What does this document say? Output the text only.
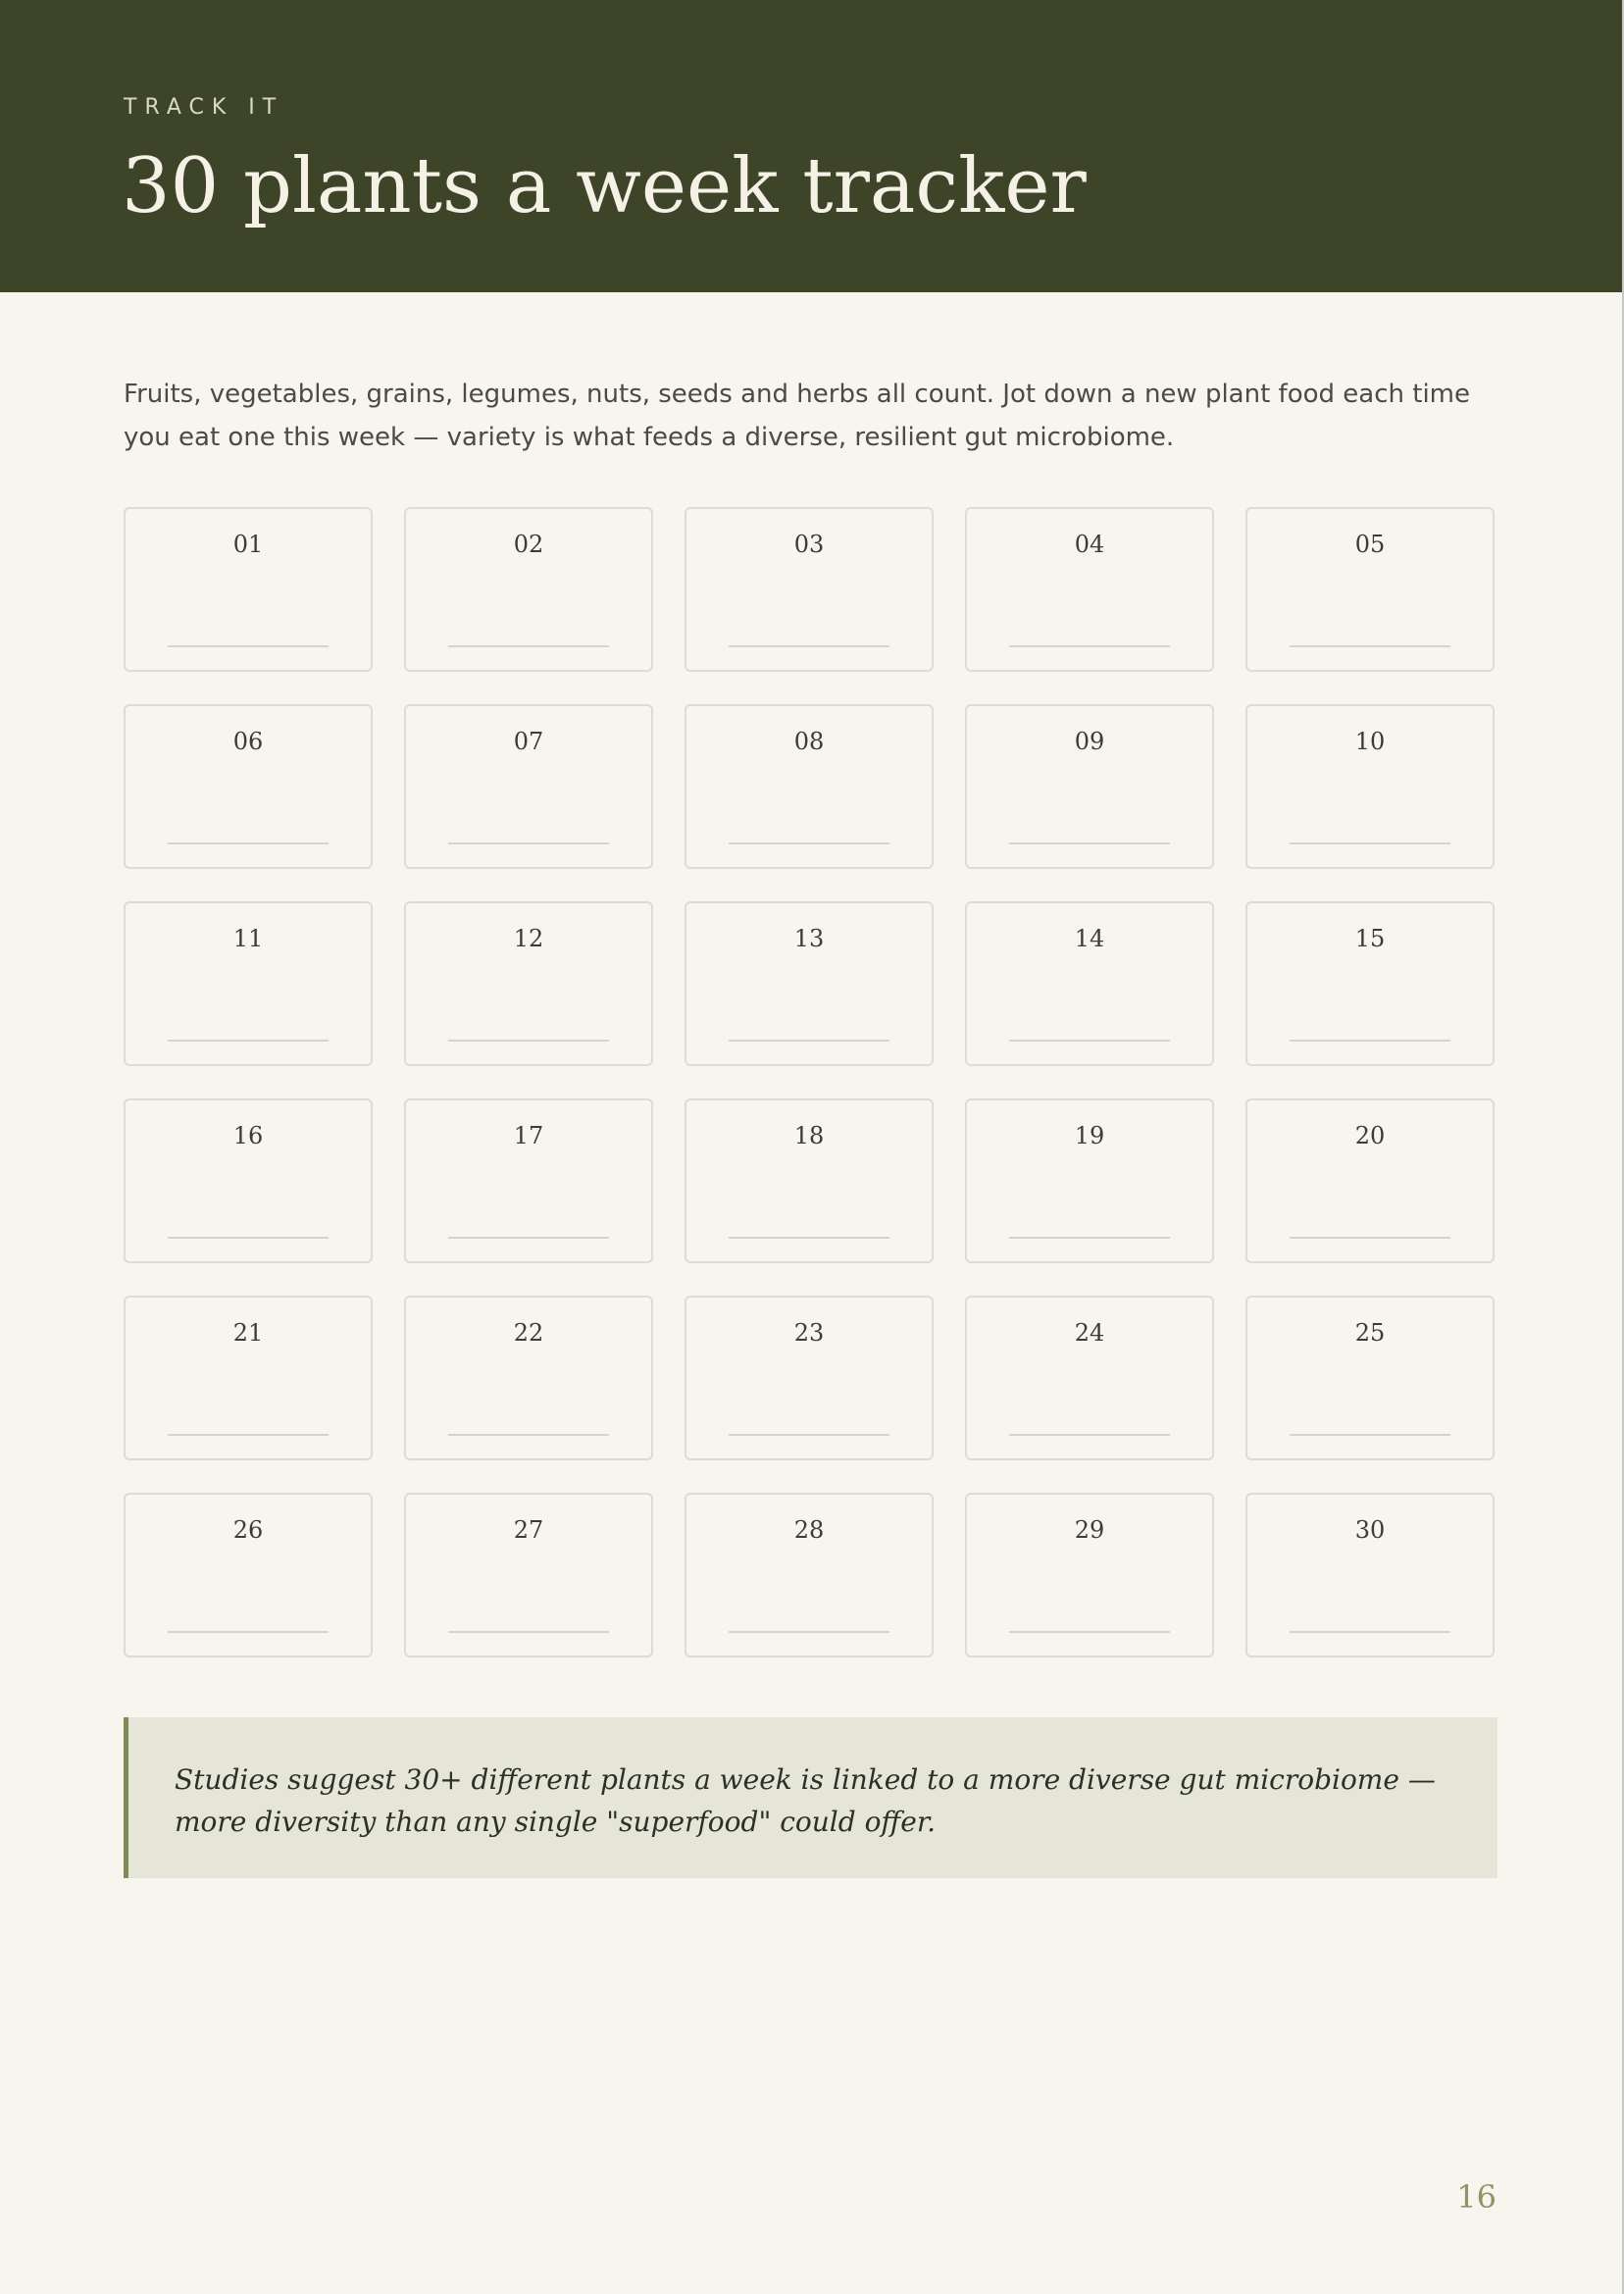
TRACK IT
30 plants a week tracker

Fruits, vegetables, grains, legumes, nuts, seeds and herbs all count. Jot down a new plant food each time you eat one this week — variety is what feeds a diverse, resilient gut microbiome.

01	02	03	04	05
06	07	08	09	10
11	12	13	14	15
16	17	18	19	20
21	22	23	24	25
26	27	28	29	30
Studies suggest 30+ different plants a week is linked to a more diverse gut microbiome — more diversity than any single "superfood" could offer.
16
